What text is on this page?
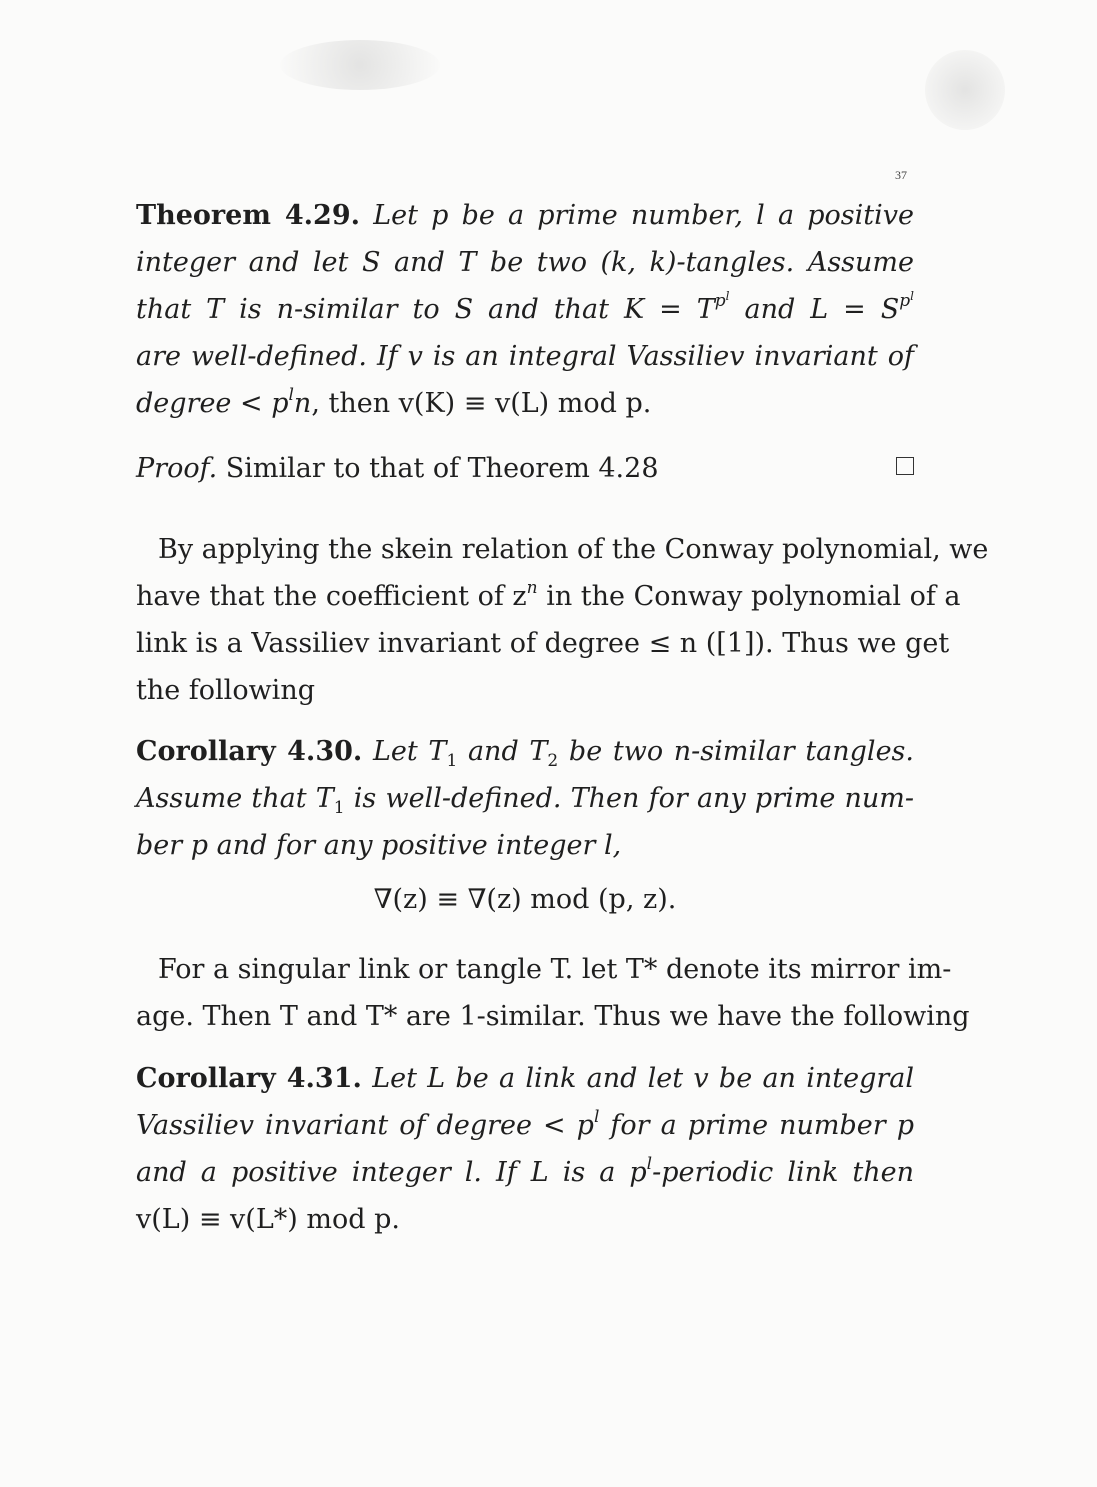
37
Theorem 4.29. Let p be a prime number, l a positive
integer and let S and T be two (k, k)-tangles. Assume
that T is n-similar to S and that $K = T^{p^l}$ and $L = S^{p^l}$
are well-defined. If v is an integral Vassiliev invariant of
degree < $p^ln$, then v(K) ≡ v(L) mod p.
Proof. Similar to that of Theorem 4.28
By applying the skein relation of the Conway polynomial, we
have that the coefficient of $z^n$ in the Conway polynomial of a
link is a Vassiliev invariant of degree ≤ n ([1]). Thus we get
the following
Corollary 4.30. Let $T_1$ and $T_2$ be two n-similar tangles.
Assume that $T_1$ is well-defined. Then for any prime num-
ber p and for any positive integer l,
∇(z) ≡ ∇(z) mod (p, z).
For a singular link or tangle T. let T* denote its mirror im-
age. Then T and T* are 1-similar. Thus we have the following
Corollary 4.31. Let L be a link and let v be an integral
Vassiliev invariant of degree < $p^l$ for a prime number p
and a positive integer l. If L is a $p^l$-periodic link then
v(L) ≡ v(L*) mod p.
